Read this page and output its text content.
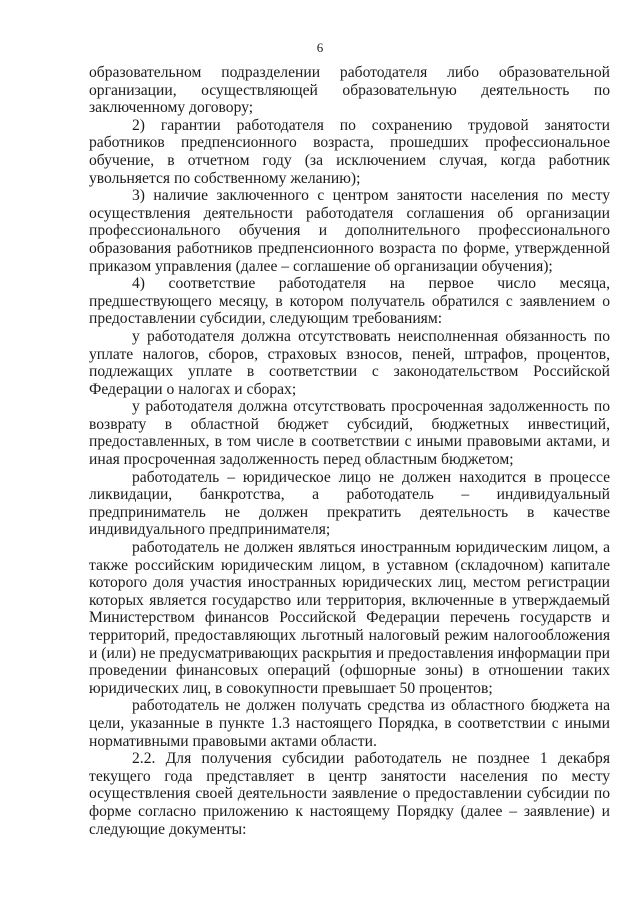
6

образовательном подразделении работодателя либо образовательной организации, осуществляющей образовательную деятельность по заключенному договору;

2) гарантии работодателя по сохранению трудовой занятости работников предпенсионного возраста, прошедших профессиональное обучение, в отчетном году (за исключением случая, когда работник увольняется по собственному желанию);

3) наличие заключенного с центром занятости населения по месту осуществления деятельности работодателя соглашения об организации профессионального обучения и дополнительного профессионального образования работников предпенсионного возраста по форме, утвержденной приказом управления (далее – соглашение об организации обучения);

4) соответствие работодателя на первое число месяца, предшествующего месяцу, в котором получатель обратился с заявлением о предоставлении субсидии, следующим требованиям:

у работодателя должна отсутствовать неисполненная обязанность по уплате налогов, сборов, страховых взносов, пеней, штрафов, процентов, подлежащих уплате в соответствии с законодательством Российской Федерации о налогах и сборах;

у работодателя должна отсутствовать просроченная задолженность по возврату в областной бюджет субсидий, бюджетных инвестиций, предоставленных, в том числе в соответствии с иными правовыми актами, и иная просроченная задолженность перед областным бюджетом;

работодатель – юридическое лицо не должен находится в процессе ликвидации, банкротства, а работодатель – индивидуальный предприниматель не должен прекратить деятельность в качестве индивидуального предпринимателя;

работодатель не должен являться иностранным юридическим лицом, а также российским юридическим лицом, в уставном (складочном) капитале которого доля участия иностранных юридических лиц, местом регистрации которых является государство или территория, включенные в утверждаемый Министерством финансов Российской Федерации перечень государств и территорий, предоставляющих льготный налоговый режим налогообложения и (или) не предусматривающих раскрытия и предоставления информации при проведении финансовых операций (офшорные зоны) в отношении таких юридических лиц, в совокупности превышает 50 процентов;

работодатель не должен получать средства из областного бюджета на цели, указанные в пункте 1.3 настоящего Порядка, в соответствии с иными нормативными правовыми актами области.

2.2. Для получения субсидии работодатель не позднее 1 декабря текущего года представляет в центр занятости населения по месту осуществления своей деятельности заявление о предоставлении субсидии по форме согласно приложению к настоящему Порядку (далее – заявление) и следующие документы:
